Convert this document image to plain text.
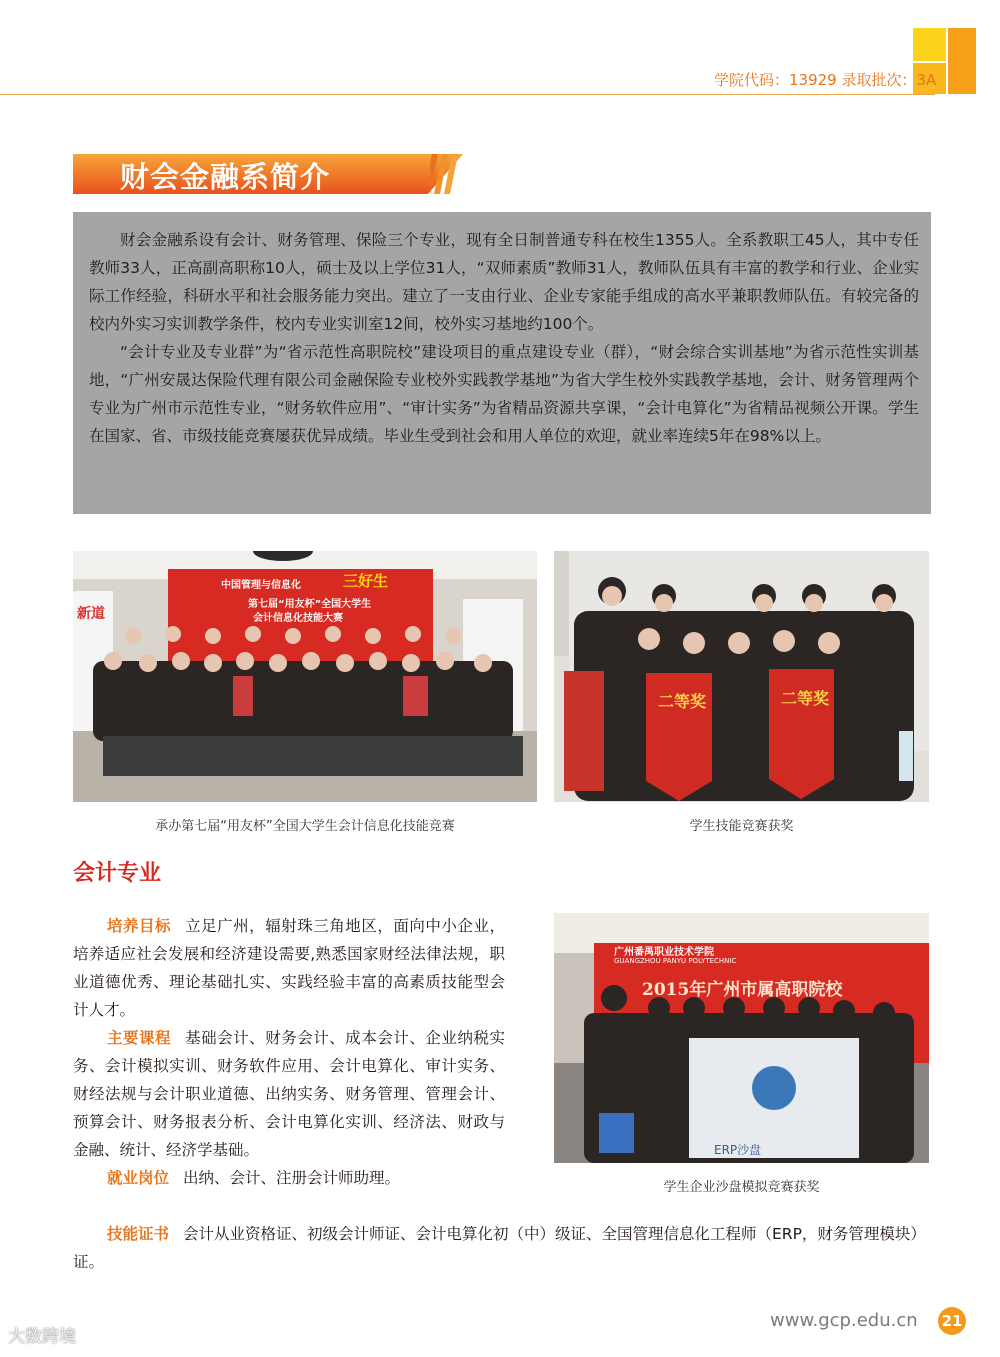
学院代码：13929 录取批次：3A
财会金融系简介

财会金融系设有会计、财务管理、保险三个专业，现有全日制普通专科在校生1355人。全系教职工45人，其中专任教师33人，正高副高职称10人，硕士及以上学位31人，“双师素质”教师31人，教师队伍具有丰富的教学和行业、企业实际工作经验，科研水平和社会服务能力突出。建立了一支由行业、企业专家能手组成的高水平兼职教师队伍。有较完备的校内外实习实训教学条件，校内专业实训室12间，校外实习基地约100个。

“会计专业及专业群”为“省示范性高职院校”建设项目的重点建设专业（群），“财会综合实训基地”为省示范性实训基地，“广州安晟达保险代理有限公司金融保险专业校外实践教学基地”为省大学生校外实践教学基地，会计、财务管理两个专业为广州市示范性专业，“财务软件应用”、“审计实务”为省精品资源共享课，“会计电算化”为省精品视频公开课。学生在国家、省、市级技能竞赛屡获优异成绩。毕业生受到社会和用人单位的欢迎，就业率连续5年在98%以上。

中国管理与信息化	三好生
第七届“用友杯”全国大学生
会计信息化技能大赛
新道
承办第七届“用友杯”全国大学生会计信息化技能竞赛
二等奖	二等奖
学生技能竞赛获奖
会计专业

培养目标 立足广州，辐射珠三角地区，面向中小企业，培养适应社会发展和经济建设需要,熟悉国家财经法律法规，职业道德优秀、理论基础扎实、实践经验丰富的高素质技能型会计人才。

主要课程 基础会计、财务会计、成本会计、企业纳税实务、会计模拟实训、财务软件应用、会计电算化、审计实务、财经法规与会计职业道德、出纳实务、财务管理、管理会计、预算会计、财务报表分析、会计电算化实训、经济法、财政与金融、统计、经济学基础。

就业岗位 出纳、会计、注册会计师助理。

技能证书 会计从业资格证、初级会计师证、会计电算化初（中）级证、全国管理信息化工程师（ERP，财务管理模块）证。
广州番禺职业技术学院
GUANGZHOU PANYU POLYTECHNIC
2015年广州市属高职院校
ERP沙盘
学生企业沙盘模拟竞赛获奖
www.gcp.edu.cn 21
大数跨境
